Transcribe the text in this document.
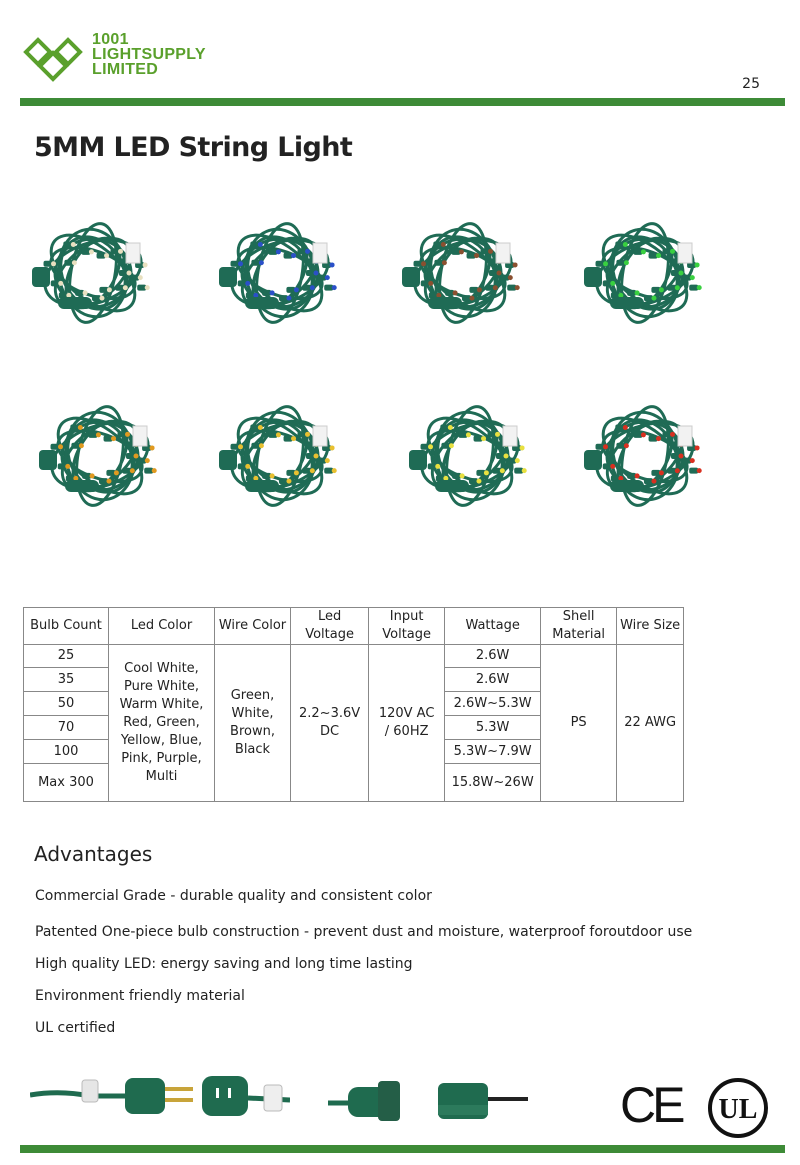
1001
LIGHTSUPPLY
LIMITED
25
5MM LED String Light
Bulb Count	Led Color	Wire Color	Led Voltage	Input Voltage	Wattage	Shell Material	Wire Size
25	Cool White, Pure White, Warm White, Red, Green, Yellow, Blue, Pink, Purple, Multi	Green, White, Brown, Black	2.2~3.6V DC	120V AC / 60HZ	2.6W	PS	22 AWG
35					2.6W		
50					2.6W~5.3W		
70					5.3W		
100					5.3W~7.9W		
Max 300					15.8W~26W		
Advantages
Commercial Grade - durable quality and consistent color
Patented One-piece bulb construction - prevent dust and moisture, waterproof foroutdoor use
High quality LED: energy saving and long time lasting
Environment friendly material
UL certified
CE UL
